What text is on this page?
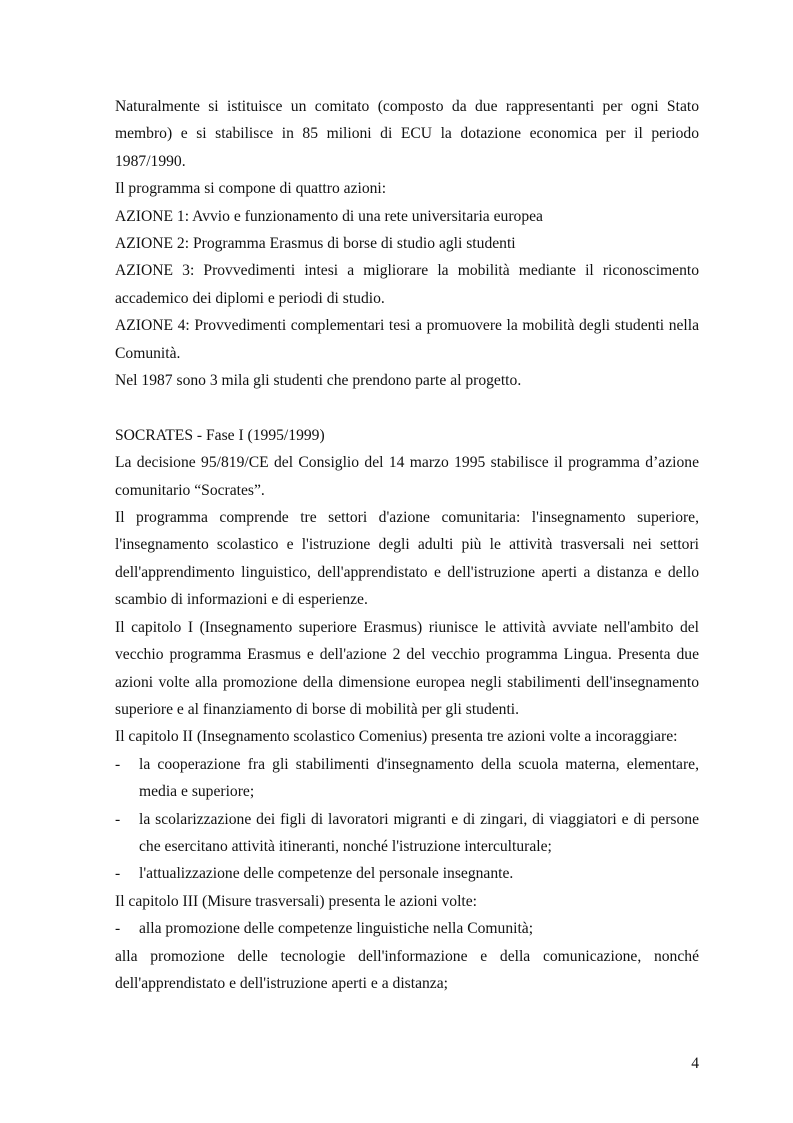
Naturalmente si istituisce un comitato (composto da due rappresentanti per ogni Stato membro) e si stabilisce in 85 milioni di ECU la dotazione economica per il periodo 1987/1990.

Il programma si compone di quattro azioni:

AZIONE 1: Avvio e funzionamento di una rete universitaria europea

AZIONE 2: Programma Erasmus di borse di studio agli studenti

AZIONE 3: Provvedimenti intesi a migliorare la mobilità mediante il riconoscimento accademico dei diplomi e periodi di studio.

AZIONE 4: Provvedimenti complementari tesi a promuovere la mobilità degli studenti nella Comunità.

Nel 1987 sono 3 mila gli studenti che prendono parte al progetto.

SOCRATES - Fase I (1995/1999)

La decisione 95/819/CE del Consiglio del 14 marzo 1995 stabilisce il programma d’azione comunitario “Socrates”.

Il programma comprende tre settori d'azione comunitaria: l'insegnamento superiore, l'insegnamento scolastico e l'istruzione degli adulti più le attività trasversali nei settori dell'apprendimento linguistico, dell'apprendistato e dell'istruzione aperti a distanza e dello scambio di informazioni e di esperienze.

Il capitolo I (Insegnamento superiore Erasmus) riunisce le attività avviate nell'ambito del vecchio programma Erasmus e dell'azione 2 del vecchio programma Lingua. Presenta due azioni volte alla promozione della dimensione europea negli stabilimenti dell'insegnamento superiore e al finanziamento di borse di mobilità per gli studenti.

Il capitolo II (Insegnamento scolastico Comenius) presenta tre azioni volte a incoraggiare:

-	la cooperazione fra gli stabilimenti d'insegnamento della scuola materna, elementare, media e superiore;
-	la scolarizzazione dei figli di lavoratori migranti e di zingari, di viaggiatori e di persone che esercitano attività itineranti, nonché l'istruzione interculturale;
-	l'attualizzazione delle competenze del personale insegnante.

Il capitolo III (Misure trasversali) presenta le azioni volte:

-	alla promozione delle competenze linguistiche nella Comunità;

alla promozione delle tecnologie dell'informazione e della comunicazione, nonché dell'apprendistato e dell'istruzione aperti e a distanza;

4
